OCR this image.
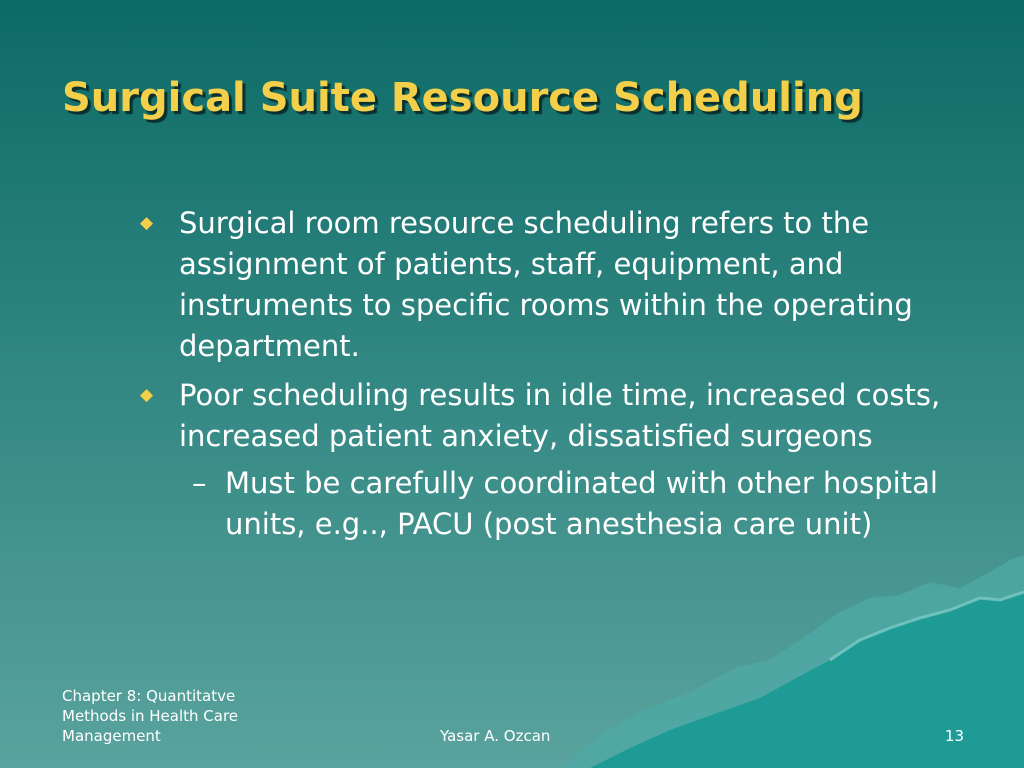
Surgical Suite Resource Scheduling
◆ Surgical room resource scheduling refers to the assignment of patients, staff, equipment, and instruments to specific rooms within the operating department.
◆ Poor scheduling results in idle time, increased costs, increased patient anxiety, dissatisfied surgeons
– Must be carefully coordinated with other hospital units, e.g.., PACU (post anesthesia care unit)
Chapter 8: Quantitatve
Methods in Health Care
Management	Yasar A. Ozcan	13
